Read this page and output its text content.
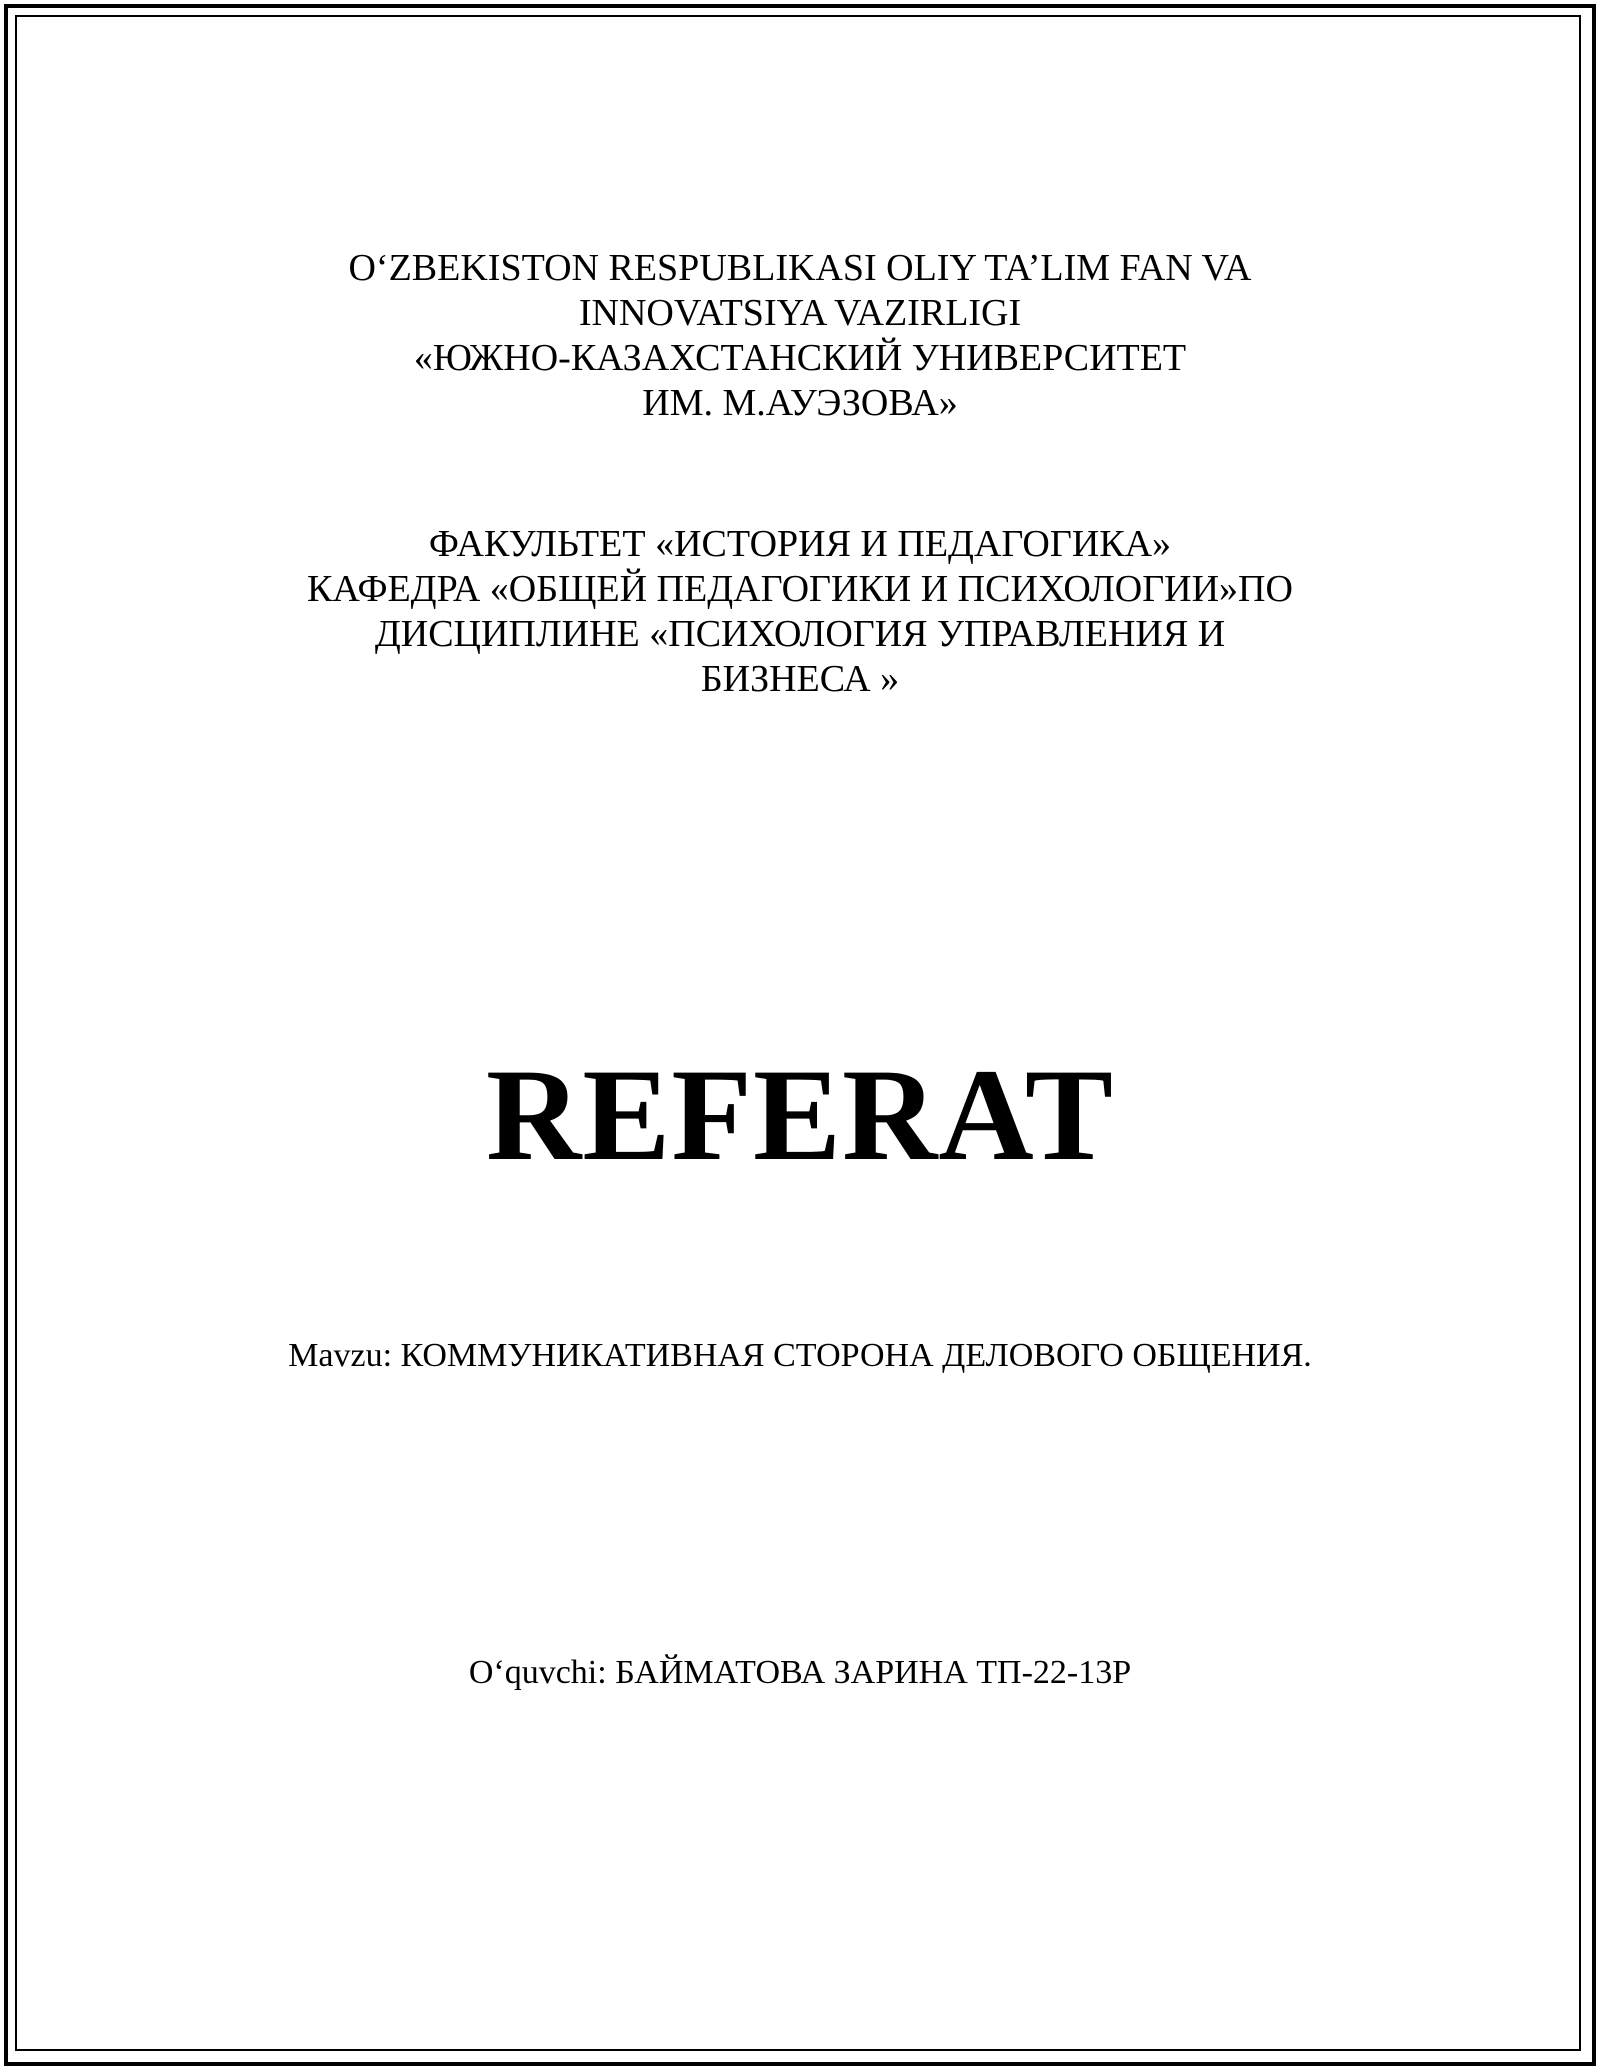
O‘ZBEKISTON RESPUBLIKASI OLIY TA’LIM FAN VA
INNOVATSIYA VAZIRLIGI
«ЮЖНО-КАЗАХСТАНСКИЙ УНИВЕРСИТЕТ
ИМ. М.АУЭЗОВА»
ФАКУЛЬТЕТ «ИСТОРИЯ И ПЕДАГОГИКА»
КАФЕДРА «ОБЩЕЙ ПЕДАГОГИКИ И ПСИХОЛОГИИ»ПО
ДИСЦИПЛИНЕ «ПСИХОЛОГИЯ УПРАВЛЕНИЯ И
БИЗНЕСА »
REFERAT
Mavzu: КОММУНИКАТИВНАЯ СТОРОНА ДЕЛОВОГО ОБЩЕНИЯ.
O‘quvchi: БАЙМАТОВА ЗАРИНА ТП-22-13Р
